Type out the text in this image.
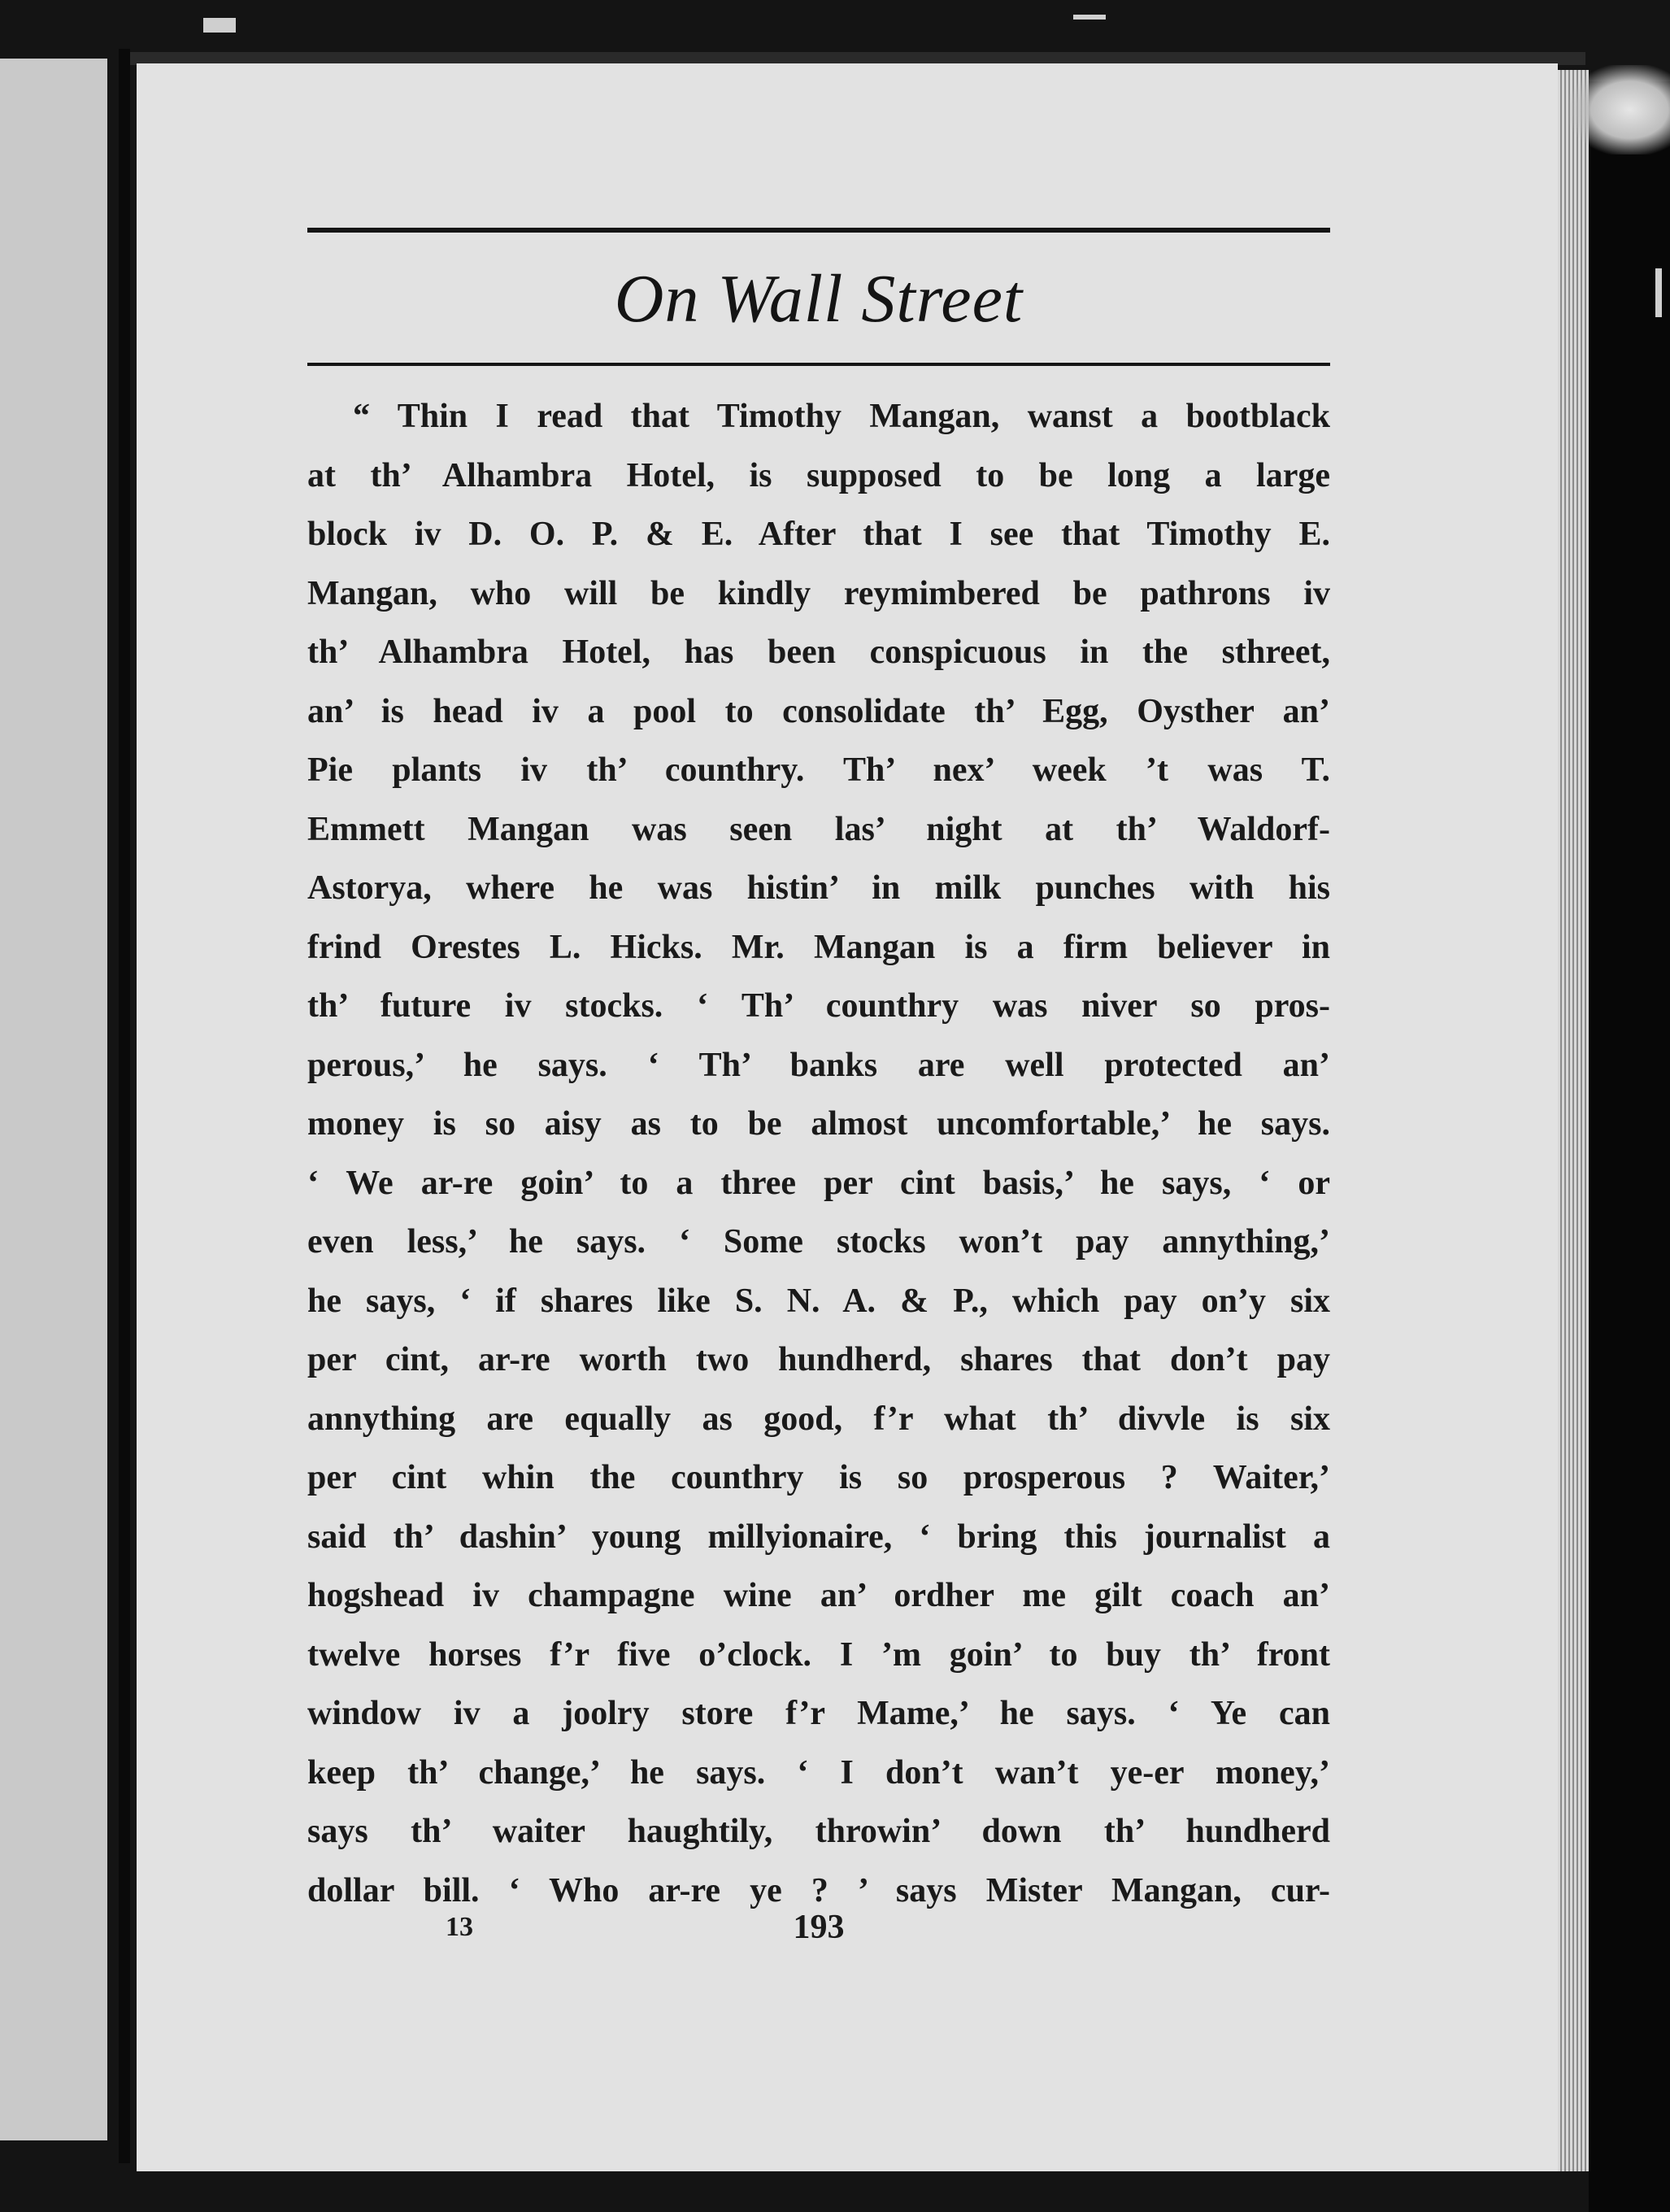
On Wall Street
“ Thin I read that Timothy Mangan, wanst a bootblack
at th’ Alhambra Hotel, is supposed to be long a large
block iv D. O. P. & E. After that I see that Timothy E.
Mangan, who will be kindly reymimbered be pathrons iv
th’ Alhambra Hotel, has been conspicuous in the sthreet,
an’ is head iv a pool to consolidate th’ Egg, Oysther an’
Pie plants iv th’ counthry. Th’ nex’ week ’t was T.
Emmett Mangan was seen las’ night at th’ Waldorf-
Astorya, where he was histin’ in milk punches with his
frind Orestes L. Hicks. Mr. Mangan is a firm believer in
th’ future iv stocks. ‘ Th’ counthry was niver so pros-
perous,’ he says. ‘ Th’ banks are well protected an’
money is so aisy as to be almost uncomfortable,’ he says.
‘ We ar-re goin’ to a three per cint basis,’ he says, ‘ or
even less,’ he says. ‘ Some stocks won’t pay annything,’
he says, ‘ if shares like S. N. A. & P., which pay on’y six
per cint, ar-re worth two hundherd, shares that don’t pay
annything are equally as good, f’r what th’ divvle is six
per cint whin the counthry is so prosperous ? Waiter,’
said th’ dashin’ young millyionaire, ‘ bring this journalist a
hogshead iv champagne wine an’ ordher me gilt coach an’
twelve horses f’r five o’clock. I ’m goin’ to buy th’ front
window iv a joolry store f’r Mame,’ he says. ‘ Ye can
keep th’ change,’ he says. ‘ I don’t wan’t ye-er money,’
says th’ waiter haughtily, throwin’ down th’ hundherd
dollar bill. ‘ Who ar-re ye ? ’ says Mister Mangan, cur-
13	193
